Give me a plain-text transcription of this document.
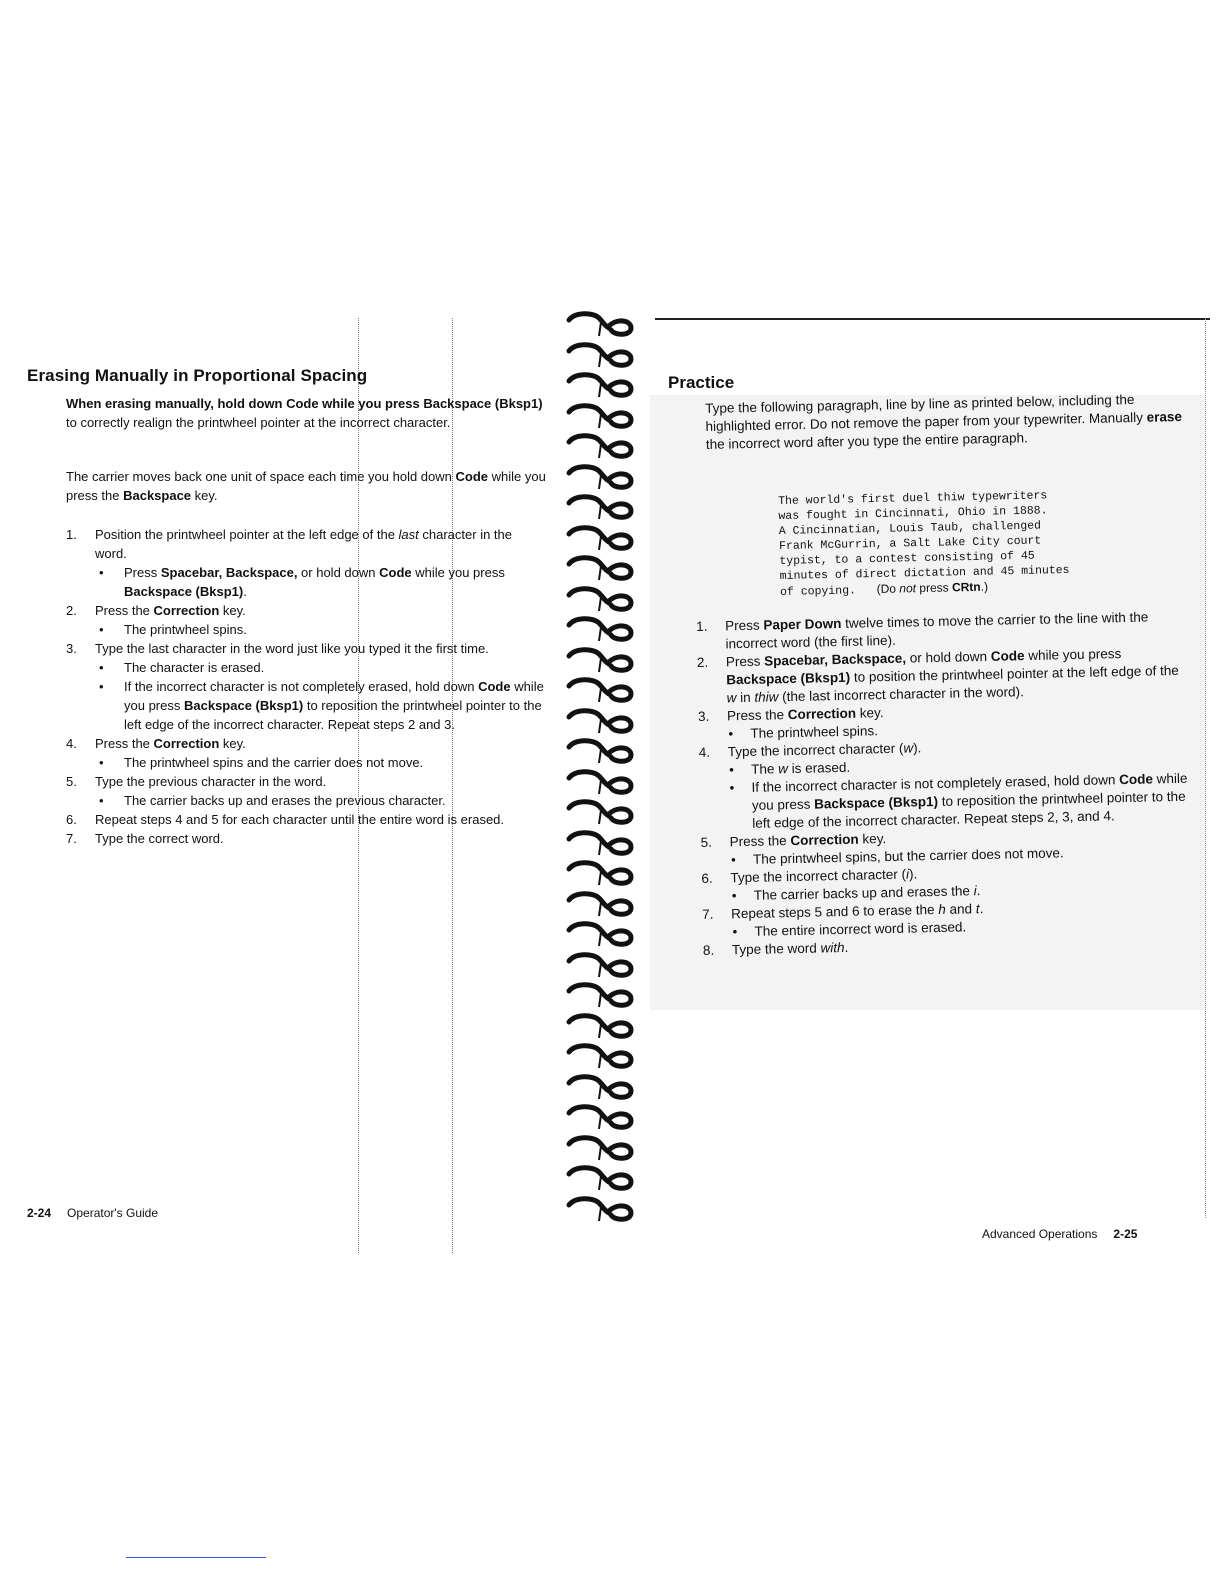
Erasing Manually in Proportional Spacing
When erasing manually, hold down Code while you press Backspace (Bksp1) to correctly realign the printwheel pointer at the incorrect character.
The carrier moves back one unit of space each time you hold down Code while you press the Backspace key.
1. Position the printwheel pointer at the left edge of the last character in the word.
• Press Spacebar, Backspace, or hold down Code while you press Backspace (Bksp1).
2. Press the Correction key.
• The printwheel spins.
3. Type the last character in the word just like you typed it the first time.
• The character is erased.
• If the incorrect character is not completely erased, hold down Code while you press Backspace (Bksp1) to reposition the printwheel pointer to the left edge of the incorrect character. Repeat steps 2 and 3.
4. Press the Correction key.
• The printwheel spins and the carrier does not move.
5. Type the previous character in the word.
• The carrier backs up and erases the previous character.
6. Repeat steps 4 and 5 for each character until the entire word is erased.
7. Type the correct word.
2-24 Operator's Guide
Practice
Type the following paragraph, line by line as printed below, including the highlighted error. Do not remove the paper from your typewriter. Manually erase the incorrect word after you type the entire paragraph.
The world's first duel thiw typewriters
was fought in Cincinnati, Ohio in 1888.
A Cincinnatian, Louis Taub, challenged
Frank McGurrin, a Salt Lake City court
typist, to a contest consisting of 45
minutes of direct dictation and 45 minutes
of copying. (Do not press CRtn.)
1. Press Paper Down twelve times to move the carrier to the line with the incorrect word (the first line).
2. Press Spacebar, Backspace, or hold down Code while you press Backspace (Bksp1) to position the printwheel pointer at the left edge of the w in thiw (the last incorrect character in the word).
3. Press the Correction key.
• The printwheel spins.
4. Type the incorrect character (w).
• The w is erased.
• If the incorrect character is not completely erased, hold down Code while you press Backspace (Bksp1) to reposition the printwheel pointer to the left edge of the incorrect character. Repeat steps 2, 3, and 4.
5. Press the Correction key.
• The printwheel spins, but the carrier does not move.
6. Type the incorrect character (i).
• The carrier backs up and erases the i.
7. Repeat steps 5 and 6 to erase the h and t.
• The entire incorrect word is erased.
8. Type the word with.
Advanced Operations 2-25
